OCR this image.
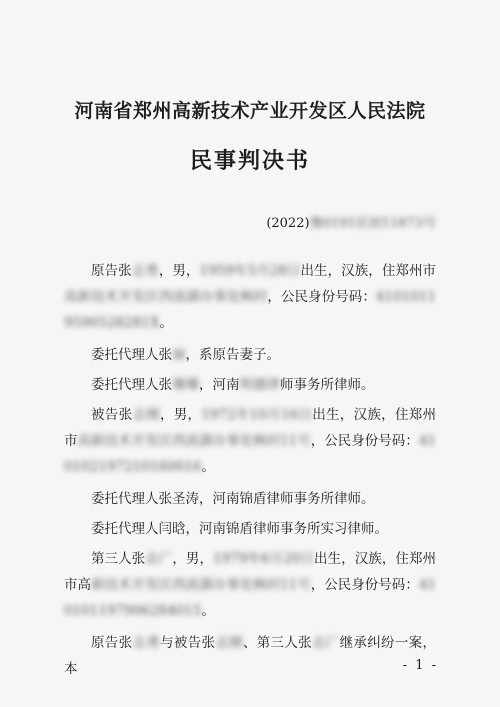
河南省郑州高新技术产业开发区人民法院
民事判决书
(2022)豫0191民初11873号

原告张志勇，男，1959年5月28日出生，汉族，住郑州市高新技术开发区西流湖办事处枫村，公民身份号码：41010119590528281X。

委托代理人张丽，系原告妻子。

委托代理人张珊珊，河南明德律师事务所律师。

被告张志刚，男，1972年10月16日出生，汉族，住郑州市高新技术开发区西流湖办事处枫村11号，公民身份号码：410102197210160016。

委托代理人张圣涛，河南锦盾律师事务所律师。

委托代理人闫晗，河南锦盾律师事务所实习律师。

第三人张志广，男，1979年6月20日出生，汉族，住郑州市高新技术开发区西流湖办事处枫村11号，公民身份号码：410101197906284015。

原告张志勇与被告张志刚、第三人张志广继承纠纷一案，本	- 1 -
